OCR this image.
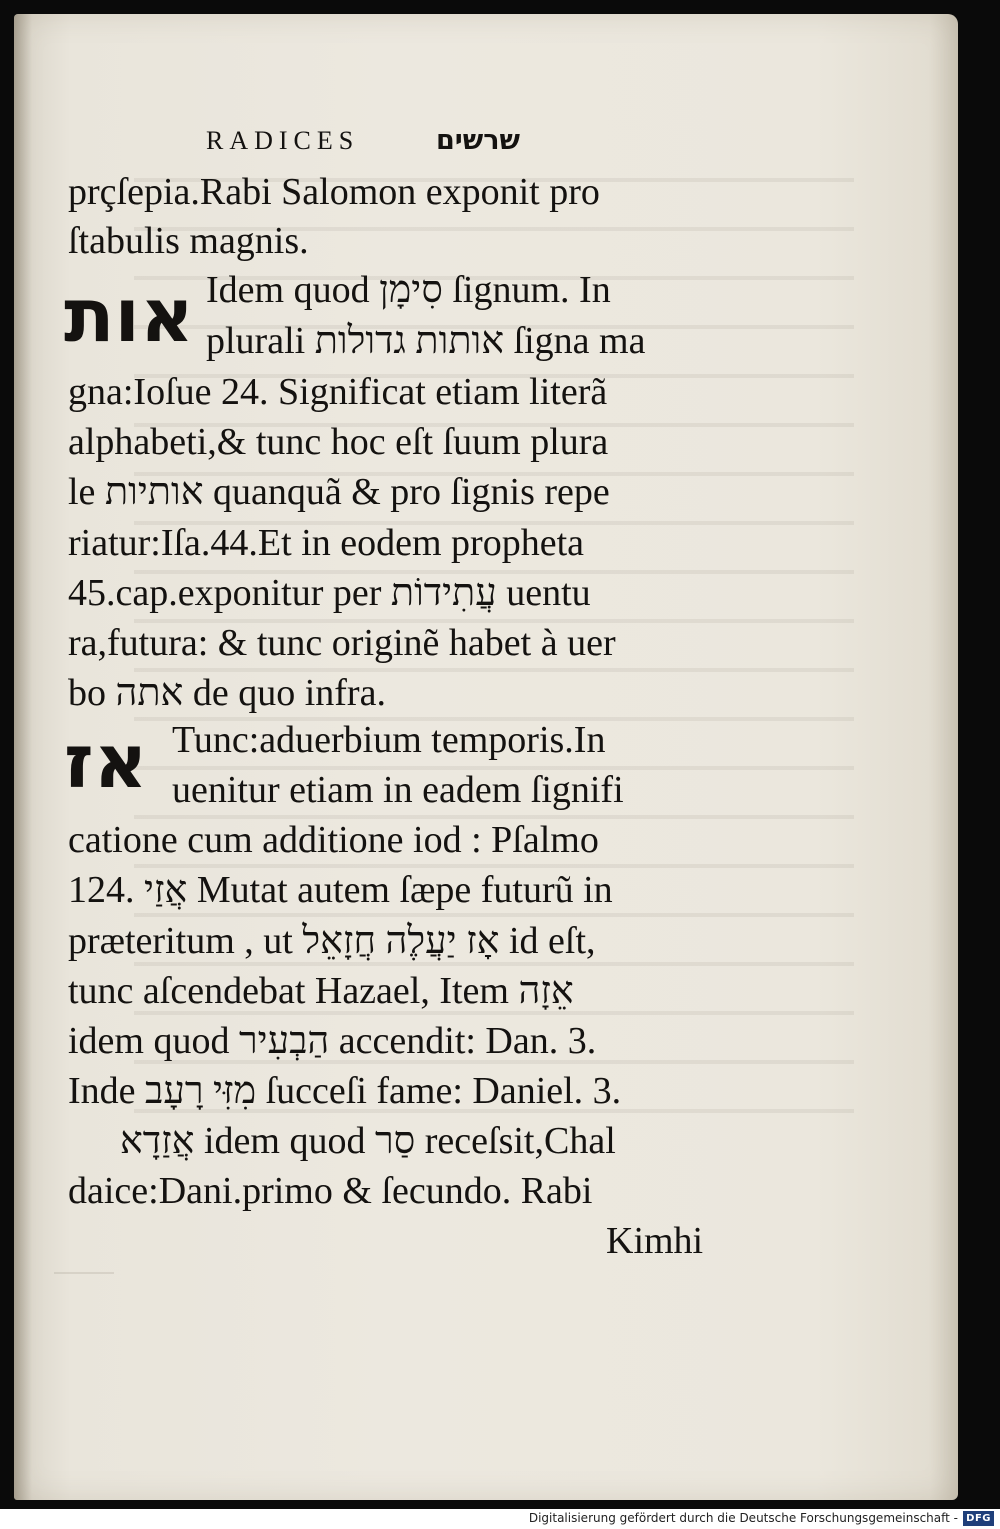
RADICES	שרשים
אות
אז
prçſepia.Rabi Salomon exponit pro
ſtabulis magnis.
Idem quod סִימָן ſignum. In
plurali אותות גדולות ſigna ma
gna:Ioſue 24. Significat etiam literã
alphabeti,& tunc hoc eſt ſuum plura
le אותיות quanquã & pro ſignis repe
riatur:Iſa.44.Et in eodem propheta
45.cap.exponitur per עֲתִידוֹת uentu
ra,futura: & tunc originẽ habet à uer
bo אתה de quo infra.
Tunc:aduerbium temporis.In
uenitur etiam in eadem ſignifi
catione cum additione iod : Pſalmo
124. אֲזַי Mutat autem ſæpe futurũ in
præteritum , ut אָז יַעֲלֶה חֲזָאֵל id eſt,
tunc aſcendebat Hazael, Item אֵזָה
idem quod הַבְעִיר accendit: Dan. 3.
Inde מִזִּי רָעָב ſucceſi fame: Daniel. 3.
אֲזַדָא idem quod סַר receſsit,Chal
daice:Dani.primo & ſecundo. Rabi
Kimhi
Digitalisierung gefördert durch die Deutsche Forschungsgemeinschaft - DFG
